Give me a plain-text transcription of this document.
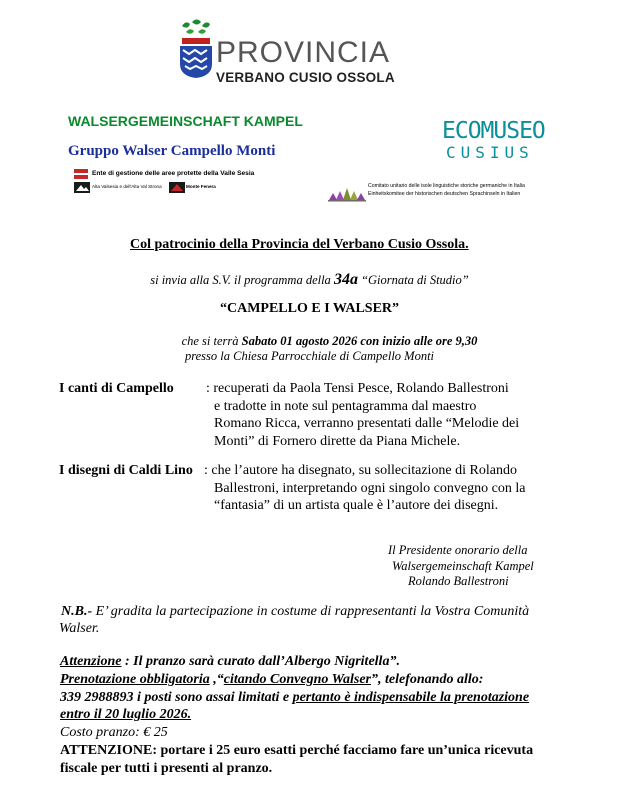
PROVINCIA
VERBANO CUSIO OSSOLA
WALSERGEMEINSCHAFT KAMPEL
Gruppo Walser Campello Monti
Ente di gestione delle aree protette della Valle Sesia
Alta Valsesia e dell'Alta Val Strona	Monte Fenera
ECOMUSEO
CUSIUS
Comitato unitario delle isole linguistiche storiche germaniche in Italia
Einheitskomitee der historischen deutschen Sprachinseln in Italien
Col patrocinio della Provincia del Verbano Cusio Ossola.
si invia alla S.V. il programma della 34a “Giornata di Studio”
“CAMPELLO E I WALSER”
che si terrà Sabato 01 agosto 2026 con inizio alle ore 9,30
presso la Chiesa Parrocchiale di Campello Monti
I canti di Campello : recuperati da Paola Tensi Pesce, Rolando Ballestroni
e tradotte in note sul pentagramma dal maestro
Romano Ricca, verranno presentati dalle “Melodie dei
Monti” di Fornero dirette da Piana Michele.
I disegni di Caldi Lino : che l’autore ha disegnato, su sollecitazione di Rolando
Ballestroni, interpretando ogni singolo convegno con la
“fantasia” di un artista quale è l’autore dei disegni.
Il Presidente onorario della
Walsergemeinschaft Kampel
Rolando Ballestroni
N.B.- E’ gradita la partecipazione in costume di rappresentanti la Vostra Comunità
Walser.
Attenzione : Il pranzo sarà curato dall’Albergo Nigritella”.
Prenotazione obbligatoria ,“citando Convegno Walser”, telefonando allo:
339 2988893 i posti sono assai limitati e pertanto è indispensabile la prenotazione
entro il 20 luglio 2026.
Costo pranzo: € 25
ATTENZIONE: portare i 25 euro esatti perché facciamo fare un’unica ricevuta
fiscale per tutti i presenti al pranzo.
